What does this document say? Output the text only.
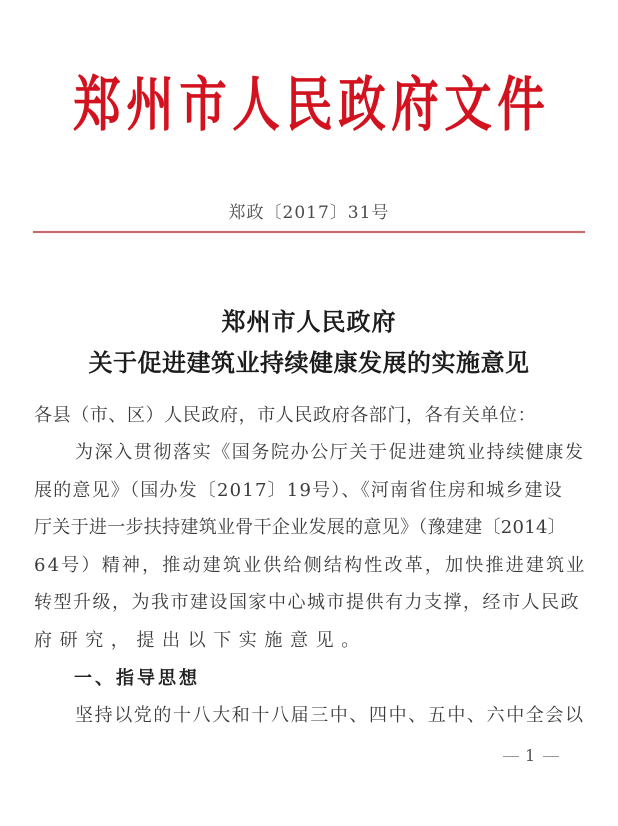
郑 州 市 人 民 政 府 文 件
郑政〔2017〕31号
郑州市人民政府
关于促进建筑业持续健康发展的实施意见
各县（市、区）人民政府，市人民政府各部门，各有关单位：
为深入贯彻落实《国务院办公厅关于促进建筑业持续健康发
展的意见》（国办发〔2017〕19号）、《河南省住房和城乡建设
厅关于进一步扶持建筑业骨干企业发展的意见》（豫建建〔2014〕
64号）精神，推动建筑业供给侧结构性改革，加快推进建筑业
转型升级，为我市建设国家中心城市提供有力支撑，经市人民政
府研究，提出以下实施意见。
一、指导思想
坚持以党的十八大和十八届三中、四中、五中、六中全会以
1
